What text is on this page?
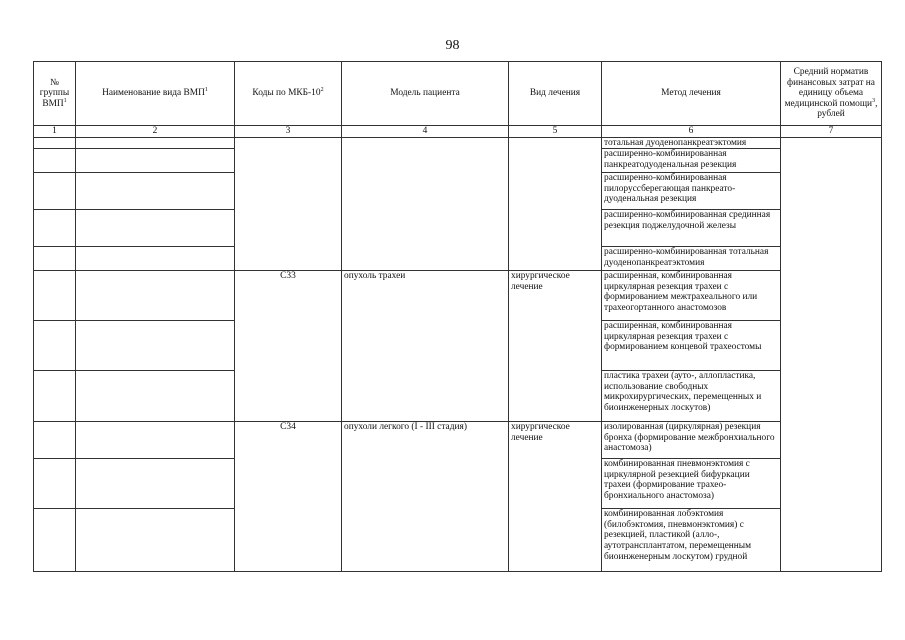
98
№
группы
ВМП$^1$	Наименование вида ВМП$^1$	Коды по МКБ-$10^2$	Модель пациента	Вид лечения	Метод лечения	Средний норматив финансовых затрат на единицу объема медицинской помощи$^3$, рублей
1	2	3	4	5	6	7
					тотальная дуоденопанкреатэктомия	
					расширенно-комбинированная панкреатодуоденальная резекция	
					расширенно-комбинированная пилоруссберегающая панкреато-дуоденальная резекция	
					расширенно-комбинированная срединная резекция поджелудочной железы	
					расширенно-комбинированная тотальная дуоденопанкреатэктомия	
		C33	опухоль трахеи	хирургическое лечение	расширенная, комбинированная циркулярная резекция трахеи с формированием межтрахеального или трахеогортанного анастомозов	
					расширенная, комбинированная циркулярная резекция трахеи с формированием концевой трахеостомы	
					пластика трахеи (ауто-, аллопластика, использование свободных микрохирургических, перемещенных и биоинженерных лоскутов)	
		C34	опухоли легкого (I - III стадия)	хирургическое лечение	изолированная (циркулярная) резекция бронха (формирование межбронхиального анастомоза)	
					комбинированная пневмонэктомия с циркулярной резекцией бифуркации трахеи (формирование трахео-бронхиального анастомоза)	
					комбинированная лобэктомия (билобэктомия, пневмонэктомия) с резекцией, пластикой (алло-, аутотрансплантатом, перемещенным биоинженерным лоскутом) грудной	
